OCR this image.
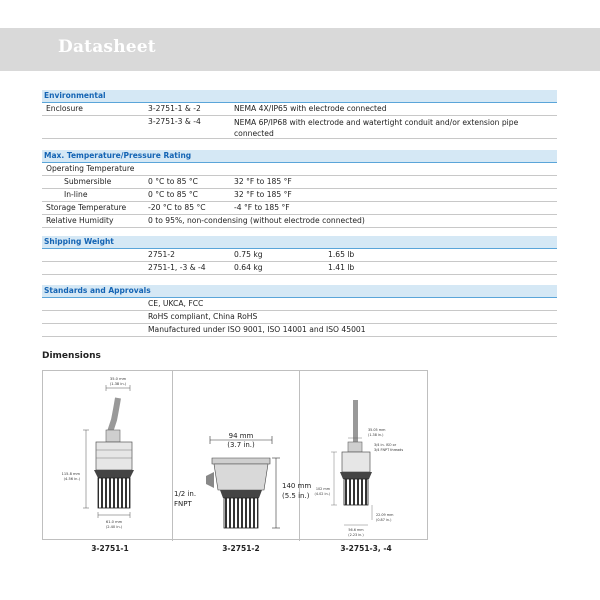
Datasheet
Environmental
Enclosure	3-2751-1 & -2	NEMA 4X/IP65 with electrode connected
3-2751-3 & -4	NEMA 6P/IP68 with electrode and watertight conduit and/or extension pipe connected
Max. Temperature/Pressure Rating
Operating Temperature
Submersible	0 °C to 85 °C	32 °F to 185 °F
In-line	0 °C to 85 °C	32 °F to 185 °F
Storage Temperature	-20 °C to 85 °C	-4 °F to 185 °F
Relative Humidity	0 to 95%, non-condensing (without electrode connected)
Shipping Weight
2751-2	0.75 kg	1.65 lb
2751-1, -3 & -4	0.64 kg	1.41 lb
Standards and Approvals
CE, UKCA, FCC
RoHS compliant, China RoHS
Manufactured under ISO 9001, ISO 14001 and ISO 45001
Dimensions
35.0 mm
(1.38 in.)
115.8 mm
(4.56 in.)
61.0 mm
(2.40 in.)
94 mm
(3.7 in.)
140 mm
(5.5 in.)
1/2 in.
FNPT
35.05 mm
(1.38 in.)
3/4 in. ISO or
3/4 FNPT threads
102 mm
(4.02 in.)
22.09 mm
(0.87 in.)
56.6 mm
(2.23 in.)
3-2751-1	3-2751-2	3-2751-3, -4
